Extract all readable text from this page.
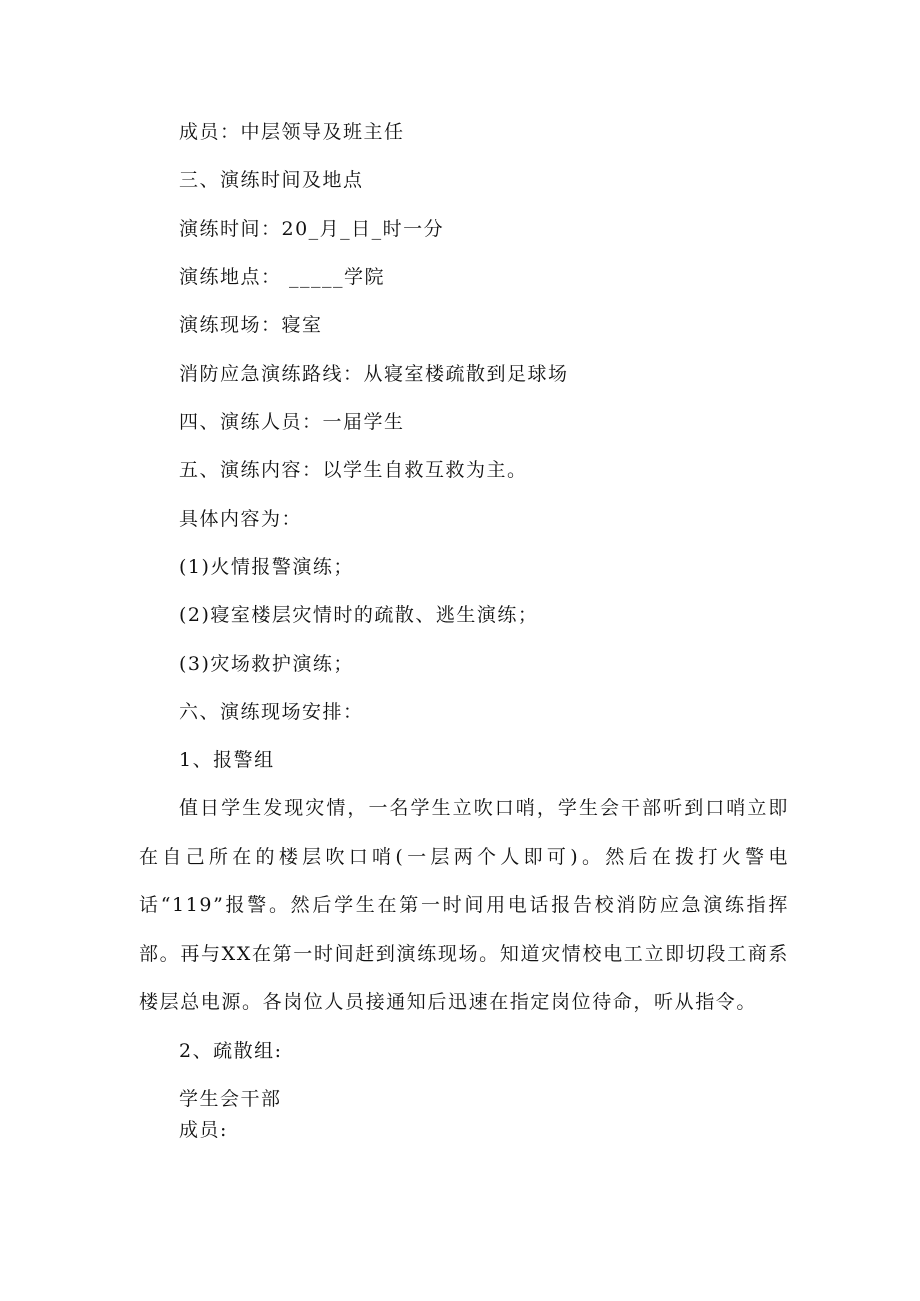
成员：中层领导及班主任
三、演练时间及地点
演练时间：20_月_日_时一分
演练地点： _____学院
演练现场：寝室
消防应急演练路线：从寝室楼疏散到足球场
四、演练人员：一届学生
五、演练内容：以学生自救互救为主。
具体内容为：
(1)火情报警演练；
(2)寝室楼层灾情时的疏散、逃生演练；
(3)灾场救护演练；
六、演练现场安排：
1、报警组
值日学生发现灾情，一名学生立吹口哨，学生会干部听到口哨立即在自己所在的楼层吹口哨(一层两个人即可)。然后在拨打火警电话“119”报警。然后学生在第一时间用电话报告校消防应急演练指挥部。再与XX在第一时间赶到演练现场。知道灾情校电工立即切段工商系楼层总电源。各岗位人员接通知后迅速在指定岗位待命，听从指令。
2、疏散组:
学生会干部
成员:
